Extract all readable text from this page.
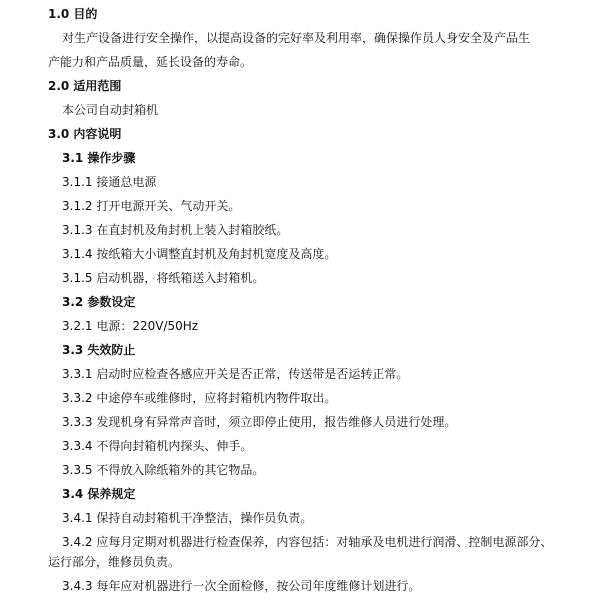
1.0 目的
对生产设备进行安全操作，以提高设备的完好率及利用率，确保操作员人身安全及产品生
产能力和产品质量，延长设备的寿命。
2.0 适用范围
本公司自动封箱机
3.0 内容说明
3.1 操作步骤
3.1.1 接通总电源
3.1.2 打开电源开关、气动开关。
3.1.3 在直封机及角封机上装入封箱胶纸。
3.1.4 按纸箱大小调整直封机及角封机宽度及高度。
3.1.5 启动机器，将纸箱送入封箱机。
3.2 参数设定
3.2.1 电源：220V/50Hz
3.3 失效防止
3.3.1 启动时应检查各感应开关是否正常，传送带是否运转正常。
3.3.2 中途停车或维修时，应将封箱机内物件取出。
3.3.3 发现机身有异常声音时，须立即停止使用，报告维修人员进行处理。
3.3.4 不得向封箱机内探头、伸手。
3.3.5 不得放入除纸箱外的其它物品。
3.4 保养规定
3.4.1 保持自动封箱机干净整洁，操作员负责。
3.4.2 应每月定期对机器进行检查保养，内容包括：对轴承及电机进行润滑、控制电源部分、
运行部分，维修员负责。
3.4.3 每年应对机器进行一次全面检修，按公司年度维修计划进行。
